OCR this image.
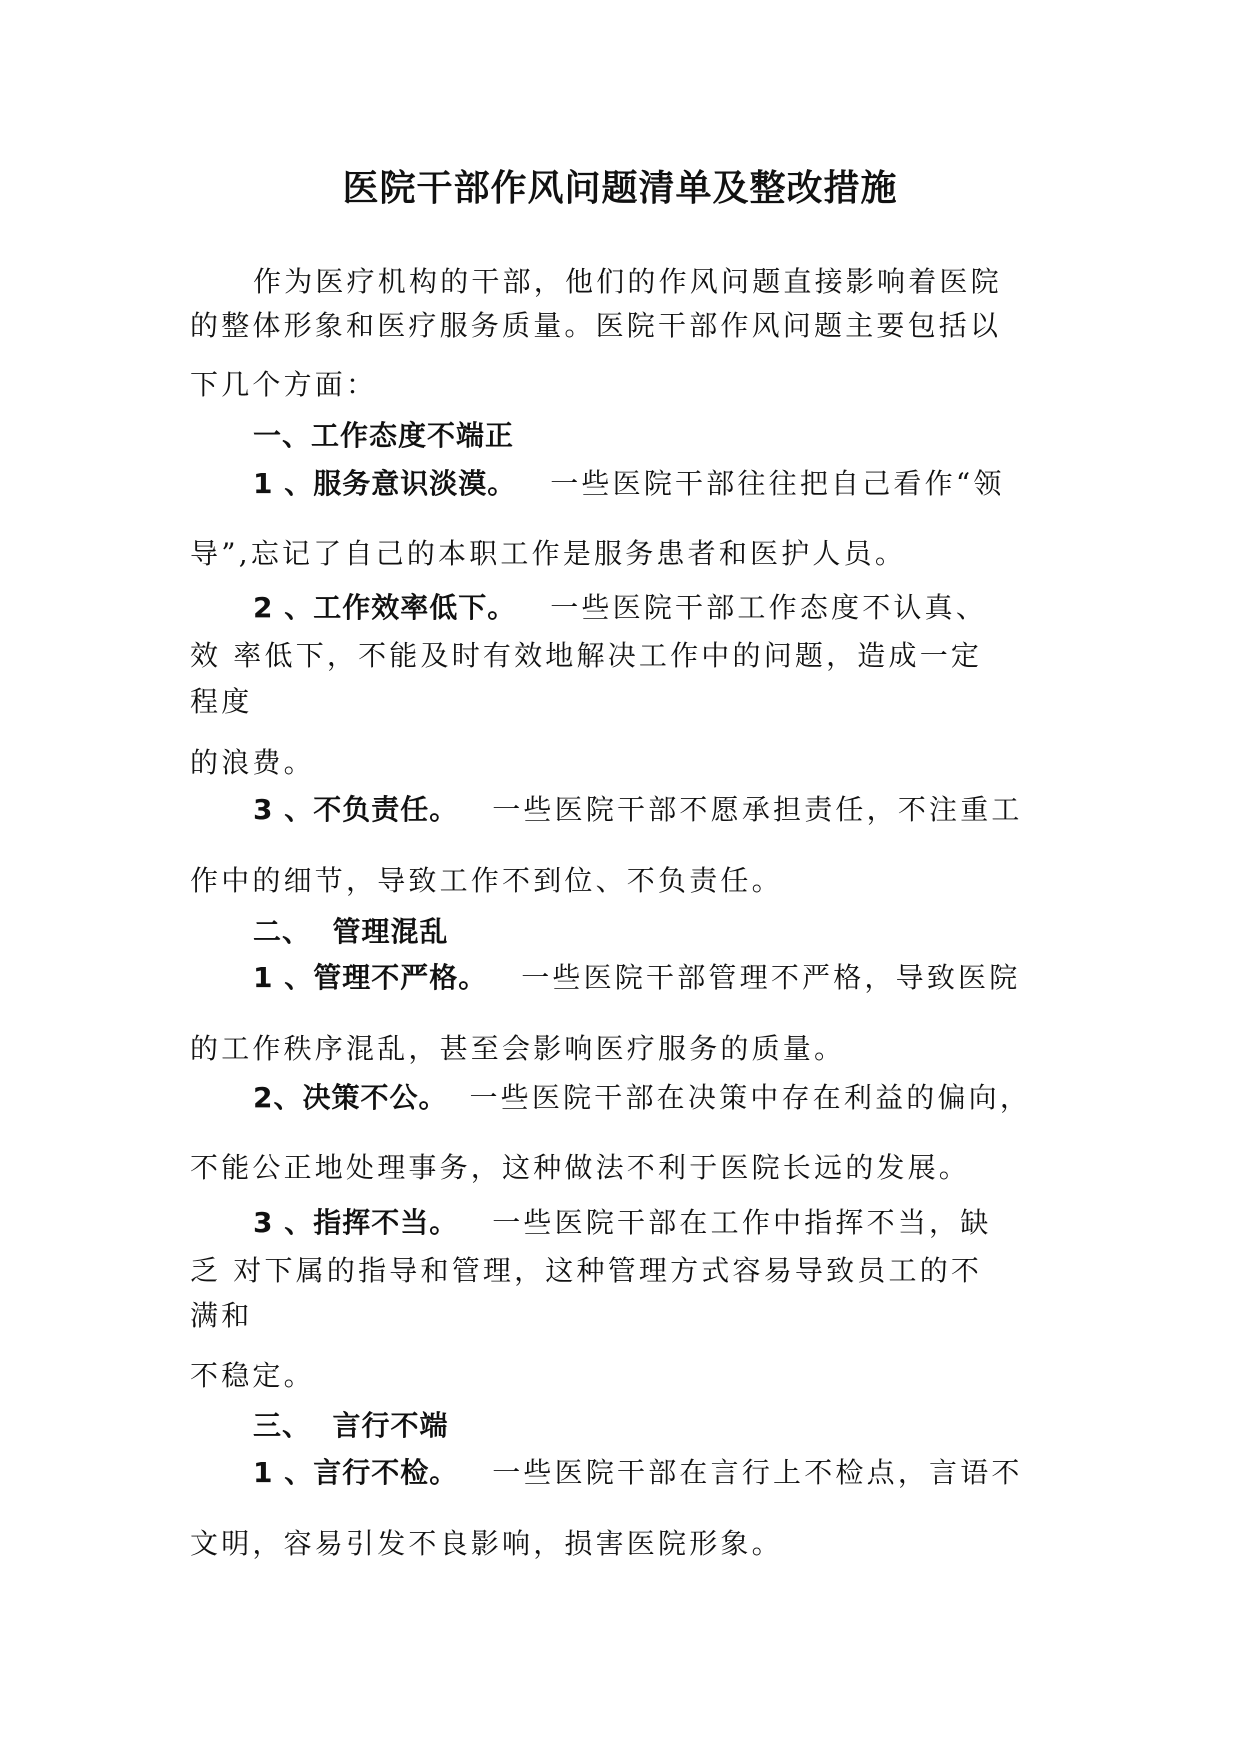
医院干部作风问题清单及整改措施
作为医疗机构的干部，他们的作风问题直接影响着医院
的整体形象和医疗服务质量。医院干部作风问题主要包括以
下几个方面：
一、工作态度不端正
1 、服务意识淡漠。 一些医院干部往往把自己看作“领
导”,忘记了自己的本职工作是服务患者和医护人员。
2 、工作效率低下。 一些医院干部工作态度不认真、
效 率低下，不能及时有效地解决工作中的问题，造成一定
程度
的浪费。
3 、不负责任。 一些医院干部不愿承担责任，不注重工
作中的细节，导致工作不到位、不负责任。
二、  管理混乱
1 、管理不严格。 一些医院干部管理不严格，导致医院
的工作秩序混乱，甚至会影响医疗服务的质量。
2、决策不公。 一些医院干部在决策中存在利益的偏向，
不能公正地处理事务，这种做法不利于医院长远的发展。
3 、指挥不当。 一些医院干部在工作中指挥不当，缺
乏 对下属的指导和管理，这种管理方式容易导致员工的不
满和
不稳定。
三、  言行不端
1 、言行不检。 一些医院干部在言行上不检点，言语不
文明，容易引发不良影响，损害医院形象。
